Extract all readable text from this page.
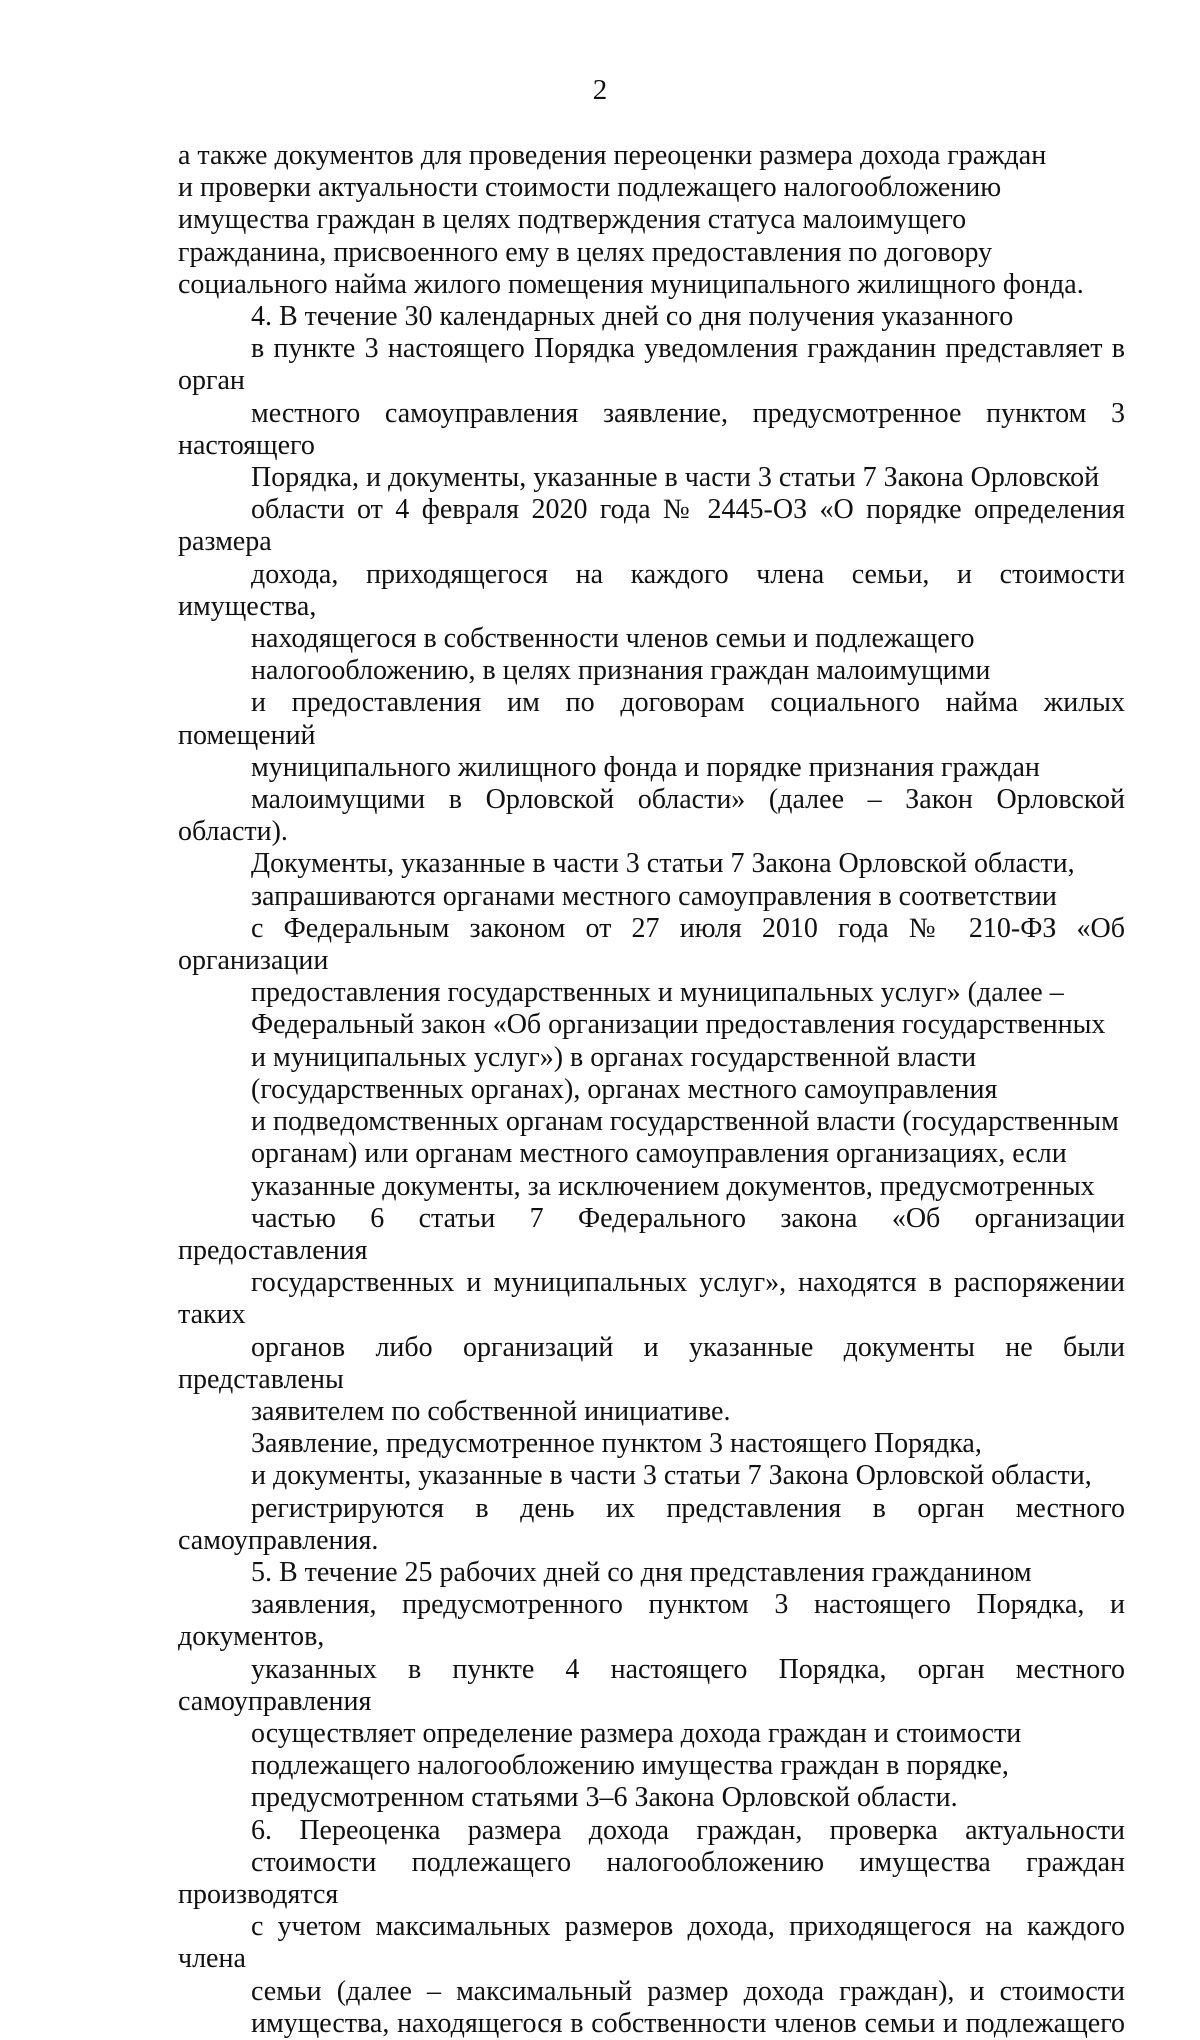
2

а также документов для проведения переоценки размера дохода граждан
и проверки актуальности стоимости подлежащего налогообложению
имущества граждан в целях подтверждения статуса малоимущего
гражданина, присвоенного ему в целях предоставления по договору
социального найма жилого помещения муниципального жилищного фонда.

4. В течение 30 календарных дней со дня получения указанного
в пункте 3 настоящего Порядка уведомления гражданин представляет в орган
местного самоуправления заявление, предусмотренное пунктом 3 настоящего
Порядка, и документы, указанные в части 3 статьи 7 Закона Орловской
области от 4 февраля 2020 года № 2445-ОЗ «О порядке определения размера
дохода, приходящегося на каждого члена семьи, и стоимости имущества,
находящегося в собственности членов семьи и подлежащего
налогообложению, в целях признания граждан малоимущими
и предоставления им по договорам социального найма жилых помещений
муниципального жилищного фонда и порядке признания граждан
малоимущими в Орловской области» (далее – Закон Орловской области).

Документы, указанные в части 3 статьи 7 Закона Орловской области,
запрашиваются органами местного самоуправления в соответствии
с Федеральным законом от 27 июля 2010 года № 210-ФЗ «Об организации
предоставления государственных и муниципальных услуг» (далее –
Федеральный закон «Об организации предоставления государственных
и муниципальных услуг») в органах государственной власти
(государственных органах), органах местного самоуправления
и подведомственных органам государственной власти (государственным
органам) или органам местного самоуправления организациях, если
указанные документы, за исключением документов, предусмотренных
частью 6 статьи 7 Федерального закона «Об организации предоставления
государственных и муниципальных услуг», находятся в распоряжении таких
органов либо организаций и указанные документы не были представлены
заявителем по собственной инициативе.

Заявление, предусмотренное пунктом 3 настоящего Порядка,
и документы, указанные в части 3 статьи 7 Закона Орловской области,
регистрируются в день их представления в орган местного самоуправления.

5. В течение 25 рабочих дней со дня представления гражданином
заявления, предусмотренного пунктом 3 настоящего Порядка, и документов,
указанных в пункте 4 настоящего Порядка, орган местного самоуправления
осуществляет определение размера дохода граждан и стоимости
подлежащего налогообложению имущества граждан в порядке,
предусмотренном статьями 3–6 Закона Орловской области.

6. Переоценка размера дохода граждан, проверка актуальности
стоимости подлежащего налогообложению имущества граждан производятся
с учетом максимальных размеров дохода, приходящегося на каждого члена
семьи (далее – максимальный размер дохода граждан), и стоимости
имущества, находящегося в собственности членов семьи и подлежащего
